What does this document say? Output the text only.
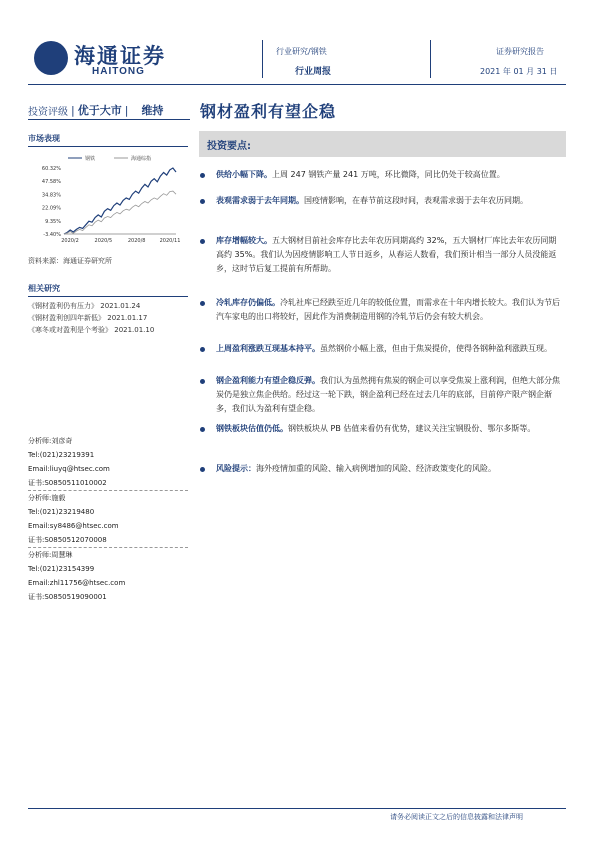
海通证券
HAITONG
行业研究/钢铁
行业周报
证券研究报告
2021 年 01 月 31 日
投资评级 | 优于大市 | 维持 钢材盈利有望企稳
市场表现
60.32%
47.58%
34.83%
22.09%
9.35%
-3.40%
2020/2	2020/5	2020/8	2020/11
钢铁	海通综指
资料来源：海通证券研究所
相关研究
《钢材盈利仍有压力》 2021.01.24
《钢材盈利创四年新低》 2021.01.17
《寒冬或对盈利是个考验》 2021.01.10
分析师:刘彦奇
Tel:(021)23219391
Email:liuyq@htsec.com
证书:S0850511010002
分析师:施毅
Tel:(021)23219480
Email:sy8486@htsec.com
证书:S0850512070008
分析师:周慧琳
Tel:(021)23154399
Email:zhl11756@htsec.com
证书:S0850519090001
投资要点:
供给小幅下降。上周 247 钢铁产量 241 万吨，环比微降，同比仍处于较高位置。
表观需求弱于去年同期。国疫情影响，在春节前这段时间，表观需求弱于去年农历同期。
库存增幅较大。五大钢材目前社会库存比去年农历同期高约 32%，五大钢材厂库比去年农历同期高约 35%。我们认为因疫情影响工人节日返乡，从春运人数看，我们预计相当一部分人员没能返乡，这时节后复工提前有所帮助。
冷轧库存仍偏低。冷轧社库已经跌至近几年的较低位置，而需求在十年内增长较大。我们认为节后汽车家电的出口将较好，因此作为消费制造用钢的冷轧节后仍会有较大机会。
上周盈利涨跌互现基本持平。虽然钢价小幅上涨，但由于焦炭提价，使得各钢种盈利涨跌互现。
钢企盈利能力有望企稳反弹。我们认为虽然拥有焦炭的钢企可以享受焦炭上涨利润，但绝大部分焦炭仍是独立焦企供给。经过这一轮下跌，钢企盈利已经在过去几年的底部，目前停产限产钢企渐多，我们认为盈利有望企稳。
钢铁板块估值仍低。钢铁板块从 PB 估值来看仍有优势，建议关注宝钢股份、鄂尔多斯等。
风险提示：海外疫情加重的风险、输入病例增加的风险、经济政策变化的风险。
请务必阅读正文之后的信息披露和法律声明
